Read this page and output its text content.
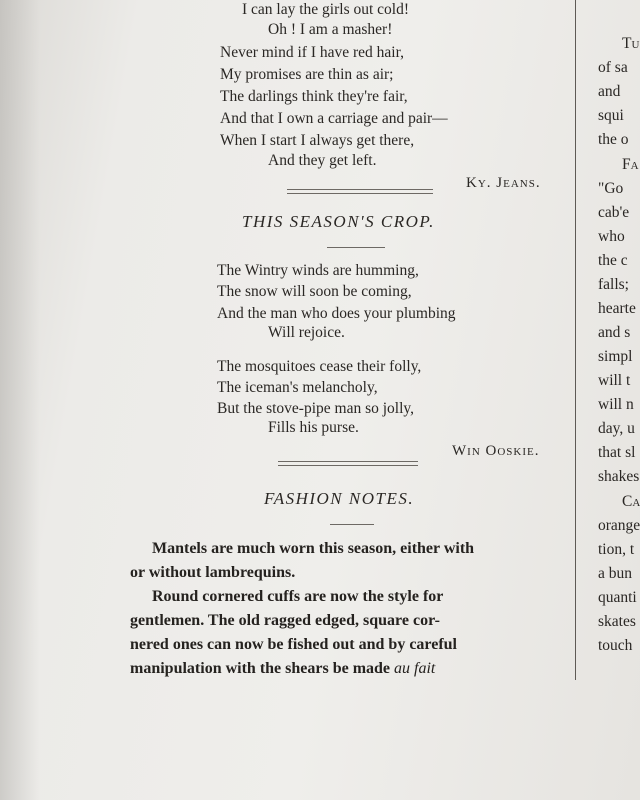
I can lay the girls out cold!
Oh ! I am a masher!
Never mind if I have red hair,
My promises are thin as air;
The darlings think they're fair,
And that I own a carriage and pair—
When I start I always get there,
And they get left.
Ky. Jeans.
THIS SEASON'S CROP.
The Wintry winds are humming,
The snow will soon be coming,
And the man who does your plumbing
Will rejoice.
The mosquitoes cease their folly,
The iceman's melancholy,
But the stove-pipe man so jolly,
Fills his purse.
Win Ooskie.
FASHION NOTES.
Mantels are much worn this season, either with
or without lambrequins.
Round cornered cuffs are now the style for
gentlemen. The old ragged edged, square cor-
nered ones can now be fished out and by careful
manipulation with the shears be made au fait
Tu
of sa
and
squi
the o
Fa
"Go
cab'e
who
the c
falls;
hearte
and s
simpl
will t
will n
day, u
that sl
shakes
Ca
orange
tion, t
a bun
quanti
skates
touch
